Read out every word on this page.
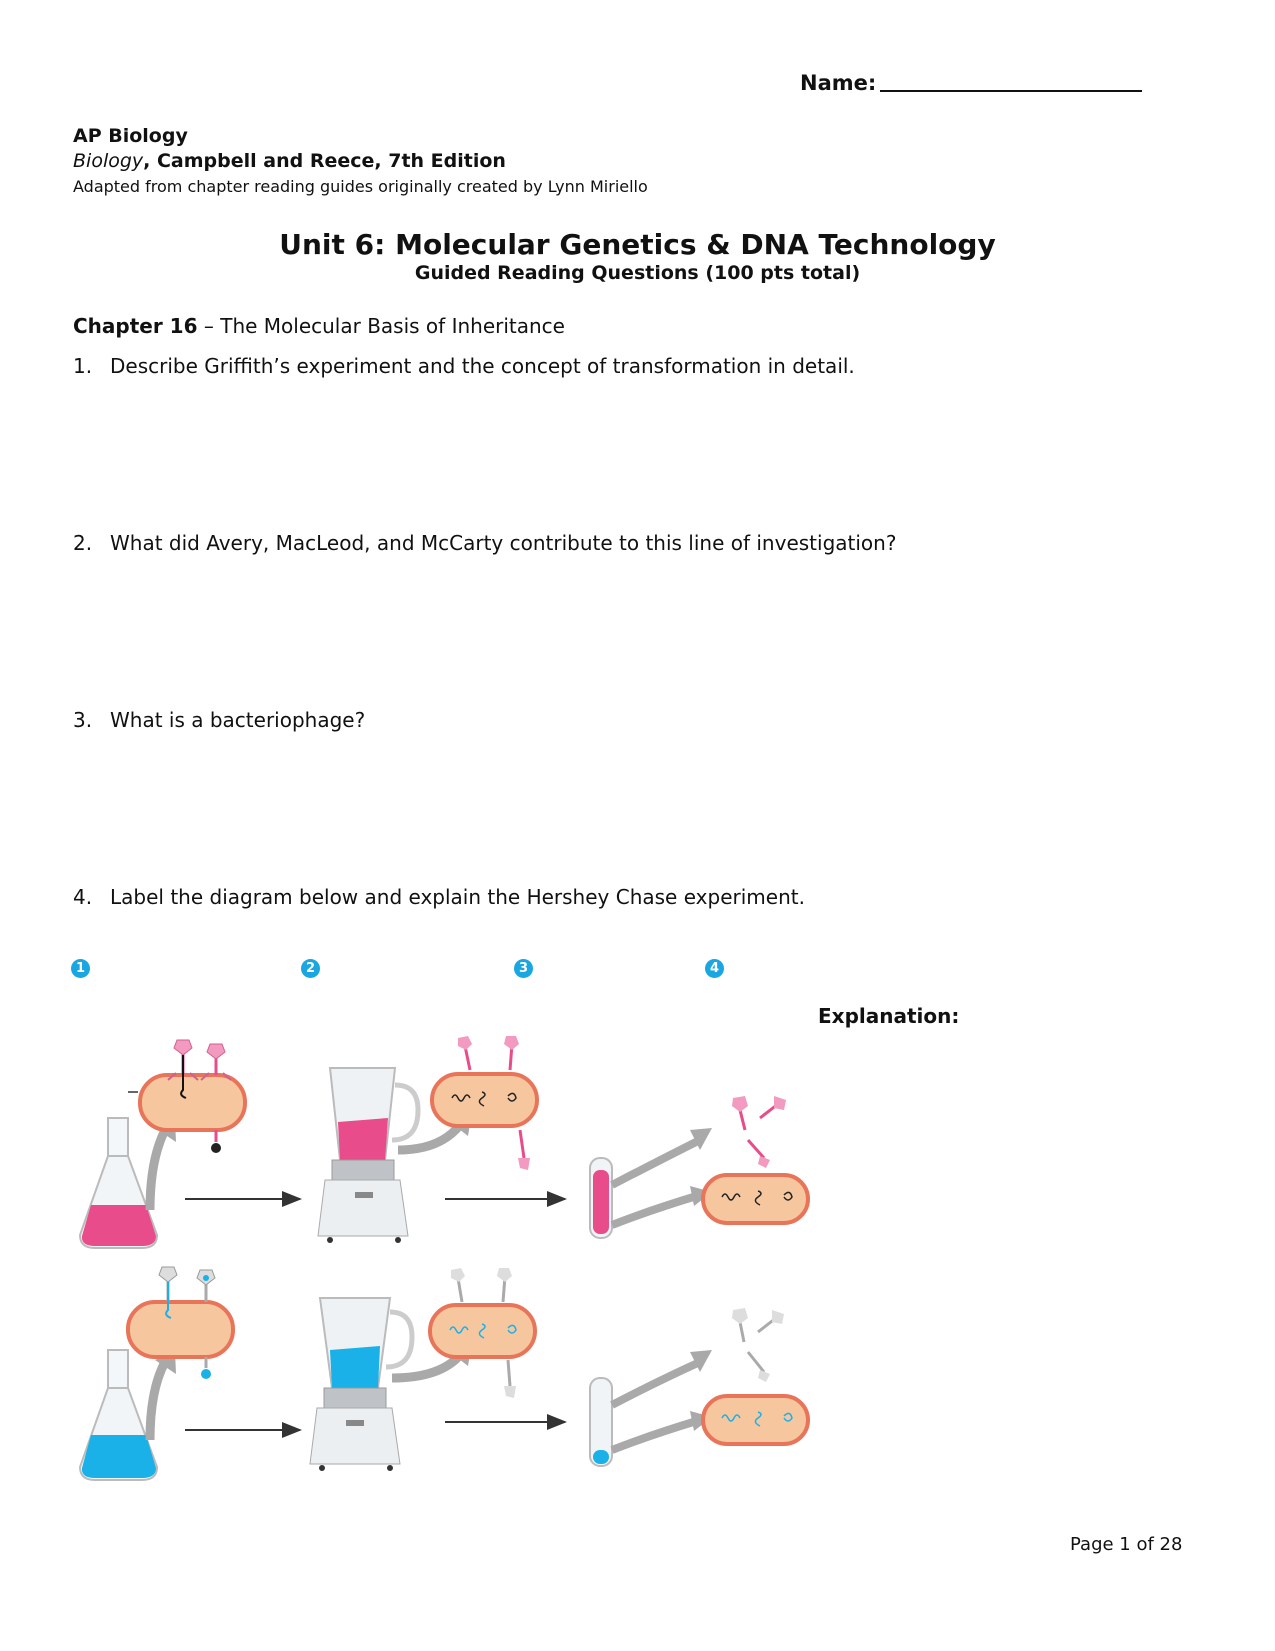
Name:
AP Biology
Biology, Campbell and Reece, 7th Edition
Adapted from chapter reading guides originally created by Lynn Miriello
Unit 6: Molecular Genetics & DNA Technology
Guided Reading Questions (100 pts total)
Chapter 16 – The Molecular Basis of Inheritance
1. Describe Griffith’s experiment and the concept of transformation in detail.
2. What did Avery, MacLeod, and McCarty contribute to this line of investigation?
3. What is a bacteriophage?
4. Label the diagram below and explain the Hershey Chase experiment.
1	2	3	4
Explanation:
Page 1 of 28
